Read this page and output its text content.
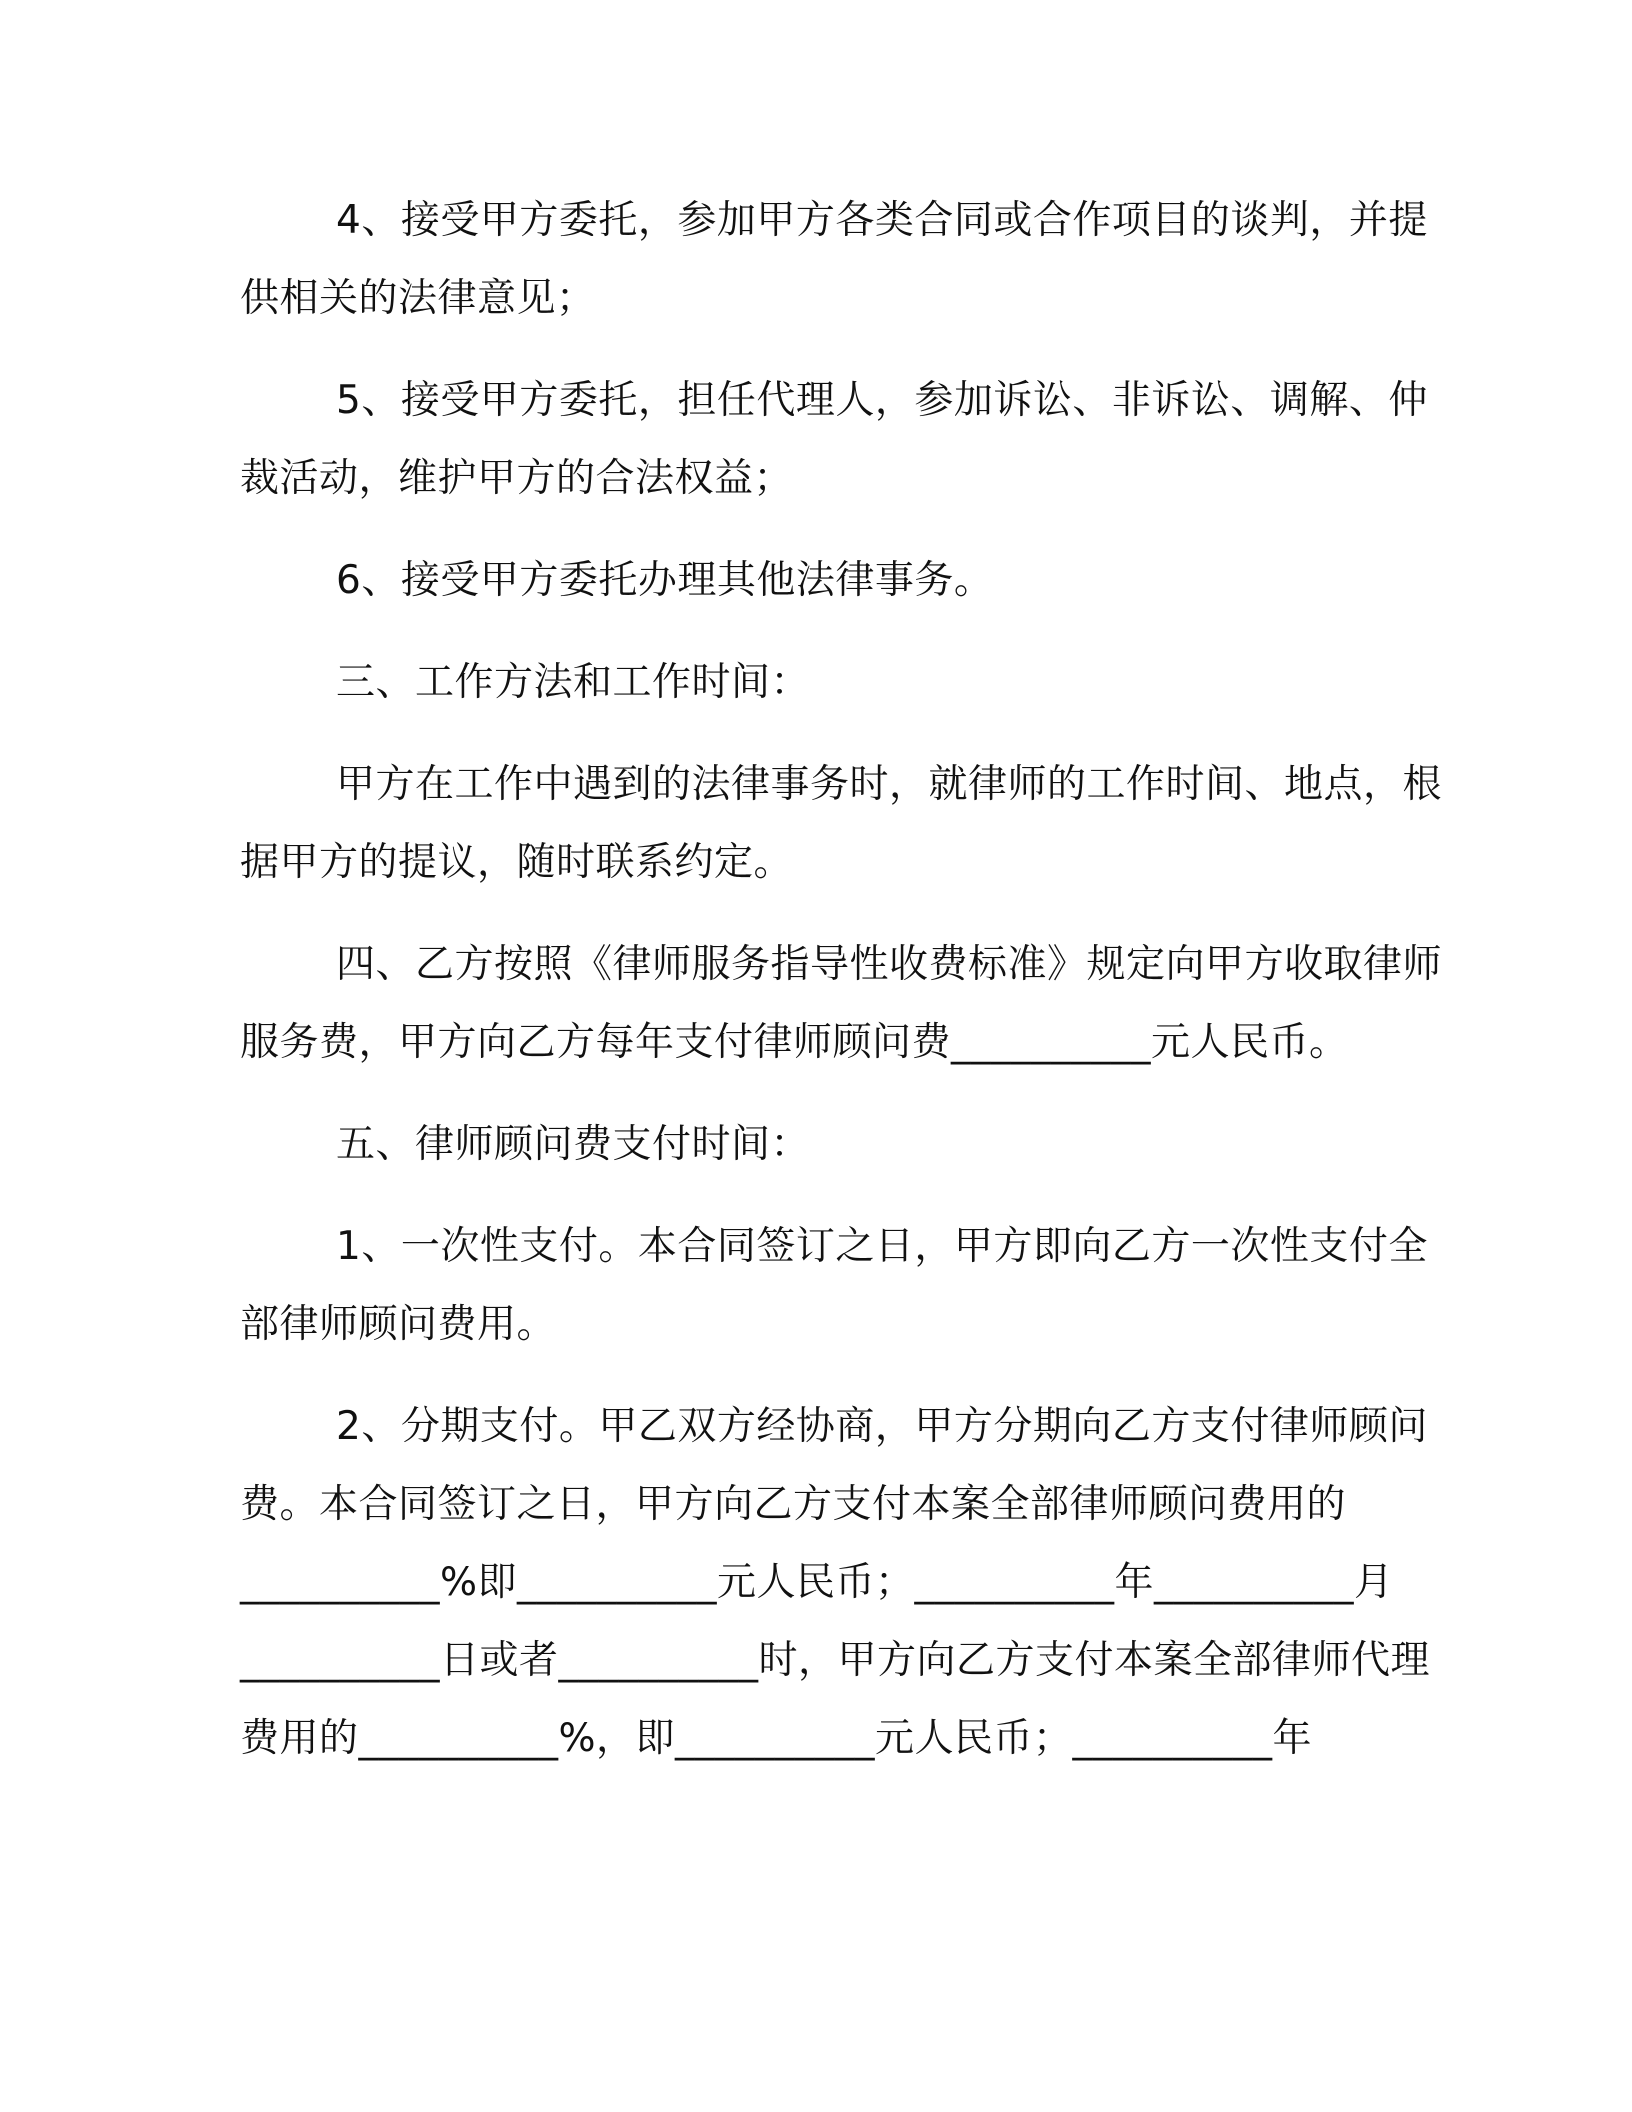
4、接受甲方委托，参加甲方各类合同或合作项目的谈判，并提
供相关的法律意见；
5、接受甲方委托，担任代理人，参加诉讼、非诉讼、调解、仲
裁活动，维护甲方的合法权益；
6、接受甲方委托办理其他法律事务。
三、工作方法和工作时间：
甲方在工作中遇到的法律事务时，就律师的工作时间、地点，根
据甲方的提议，随时联系约定。
四、乙方按照《律师服务指导性收费标准》规定向甲方收取律师
服务费，甲方向乙方每年支付律师顾问费__________元人民币。
五、律师顾问费支付时间：
1、一次性支付。本合同签订之日，甲方即向乙方一次性支付全
部律师顾问费用。
2、分期支付。甲乙双方经协商，甲方分期向乙方支付律师顾问
费。本合同签订之日，甲方向乙方支付本案全部律师顾问费用的
__________%即__________元人民币；__________年__________月
__________日或者__________时，甲方向乙方支付本案全部律师代理
费用的__________%，即__________元人民币；__________年
